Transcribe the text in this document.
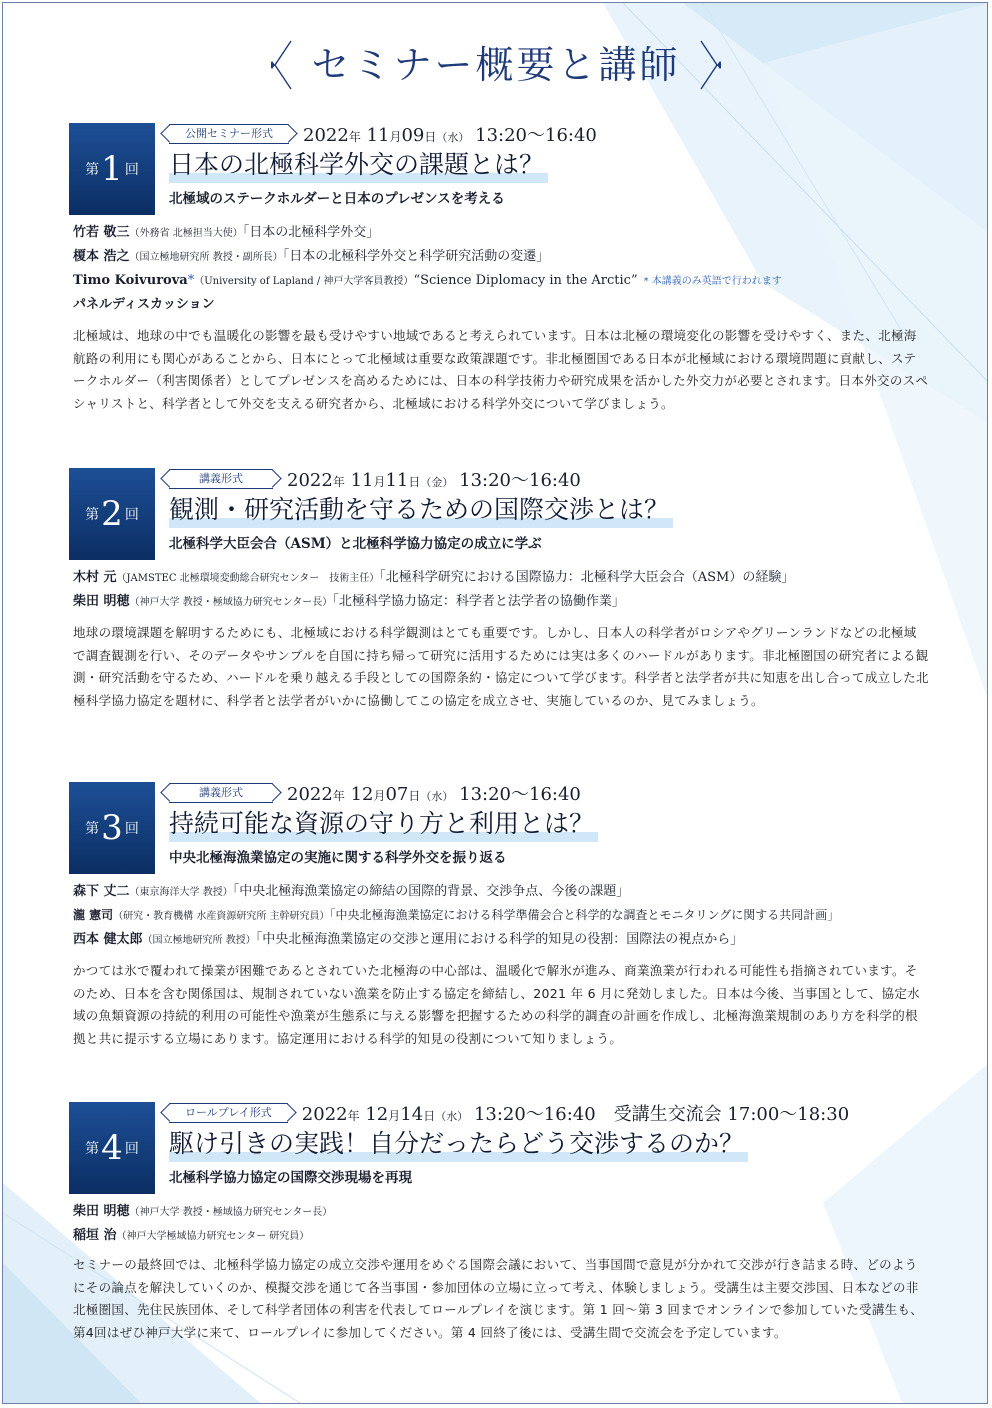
セミナー概要と講師
第 1 回
公開セミナー形式	2022年 11月09日（水） 13:20～16:40
日本の北極科学外交の課題とは？
北極域のステークホルダーと日本のプレゼンスを考える
竹若 敬三（外務省 北極担当大使）「日本の北極科学外交」
榎本 浩之（国立極地研究所 教授・副所長）「日本の北極科学外交と科学研究活動の変遷」
Timo Koivurova*（University of Lapland / 神戸大学客員教授）“Science Diplomacy in the Arctic” * 本講義のみ英語で行われます
パネルディスカッション
北極域は、地球の中でも温暖化の影響を最も受けやすい地域であると考えられています。日本は北極の環境変化の影響を受けやすく、また、北極海航路の利用にも関心があることから、日本にとって北極域は重要な政策課題です。非北極圏国である日本が北極域における環境問題に貢献し、ステークホルダー（利害関係者）としてプレゼンスを高めるためには、日本の科学技術力や研究成果を活かした外交力が必要とされます。日本外交のスペシャリストと、科学者として外交を支える研究者から、北極域における科学外交について学びましょう。
第 2 回
講義形式	2022年 11月11日（金） 13:20～16:40
観測・研究活動を守るための国際交渉とは？
北極科学大臣会合（ASM）と北極科学協力協定の成立に学ぶ
木村 元（JAMSTEC 北極環境変動総合研究センター　技術主任）「北極科学研究における国際協力：北極科学大臣会合（ASM）の経験」
柴田 明穂（神戸大学 教授・極域協力研究センター長）「北極科学協力協定：科学者と法学者の協働作業」
地球の環境課題を解明するためにも、北極域における科学観測はとても重要です。しかし、日本人の科学者がロシアやグリーンランドなどの北極域で調査観測を行い、そのデータやサンプルを自国に持ち帰って研究に活用するためには実は多くのハードルがあります。非北極圏国の研究者による観測・研究活動を守るため、ハードルを乗り越える手段としての国際条約・協定について学びます。科学者と法学者が共に知恵を出し合って成立した北極科学協力協定を題材に、科学者と法学者がいかに協働してこの協定を成立させ、実施しているのか、見てみましょう。
第 3 回
講義形式	2022年 12月07日（水） 13:20～16:40
持続可能な資源の守り方と利用とは？
中央北極海漁業協定の実施に関する科学外交を振り返る
森下 丈二（東京海洋大学 教授）「中央北極海漁業協定の締結の国際的背景、交渉争点、今後の課題」
瀧 憲司（研究・教育機構 水産資源研究所 主幹研究員）「中央北極海漁業協定における科学準備会合と科学的な調査とモニタリングに関する共同計画」
西本 健太郎（国立極地研究所 教授）「中央北極海漁業協定の交渉と運用における科学的知見の役割：国際法の視点から」
かつては氷で覆われて操業が困難であるとされていた北極海の中心部は、温暖化で解氷が進み、商業漁業が行われる可能性も指摘されています。そのため、日本を含む関係国は、規制されていない漁業を防止する協定を締結し、2021 年 6 月に発効しました。日本は今後、当事国として、協定水域の魚類資源の持続的利用の可能性や漁業が生態系に与える影響を把握するための科学的調査の計画を作成し、北極海漁業規制のあり方を科学的根拠と共に提示する立場にあります。協定運用における科学的知見の役割について知りましょう。
第 4 回
ロールプレイ形式	2022年 12月14日（水） 13:20～16:40　 受講生交流会 17:00～18:30
駆け引きの実践！自分だったらどう交渉するのか？
北極科学協力協定の国際交渉現場を再現
柴田 明穂（神戸大学 教授・極域協力研究センター長）
稲垣 治（神戸大学極域協力研究センター 研究員）
セミナーの最終回では、北極科学協力協定の成立交渉や運用をめぐる国際会議において、当事国間で意見が分かれて交渉が行き詰まる時、どのようにその論点を解決していくのか、模擬交渉を通じて各当事国・参加団体の立場に立って考え、体験しましょう。受講生は主要交渉国、日本などの非北極圏国、先住民族団体、そして科学者団体の利害を代表してロールプレイを演じます。第 1 回～第 3 回までオンラインで参加していた受講生も、第4回はぜひ神戸大学に来て、ロールプレイに参加してください。第 4 回終了後には、受講生間で交流会を予定しています。
